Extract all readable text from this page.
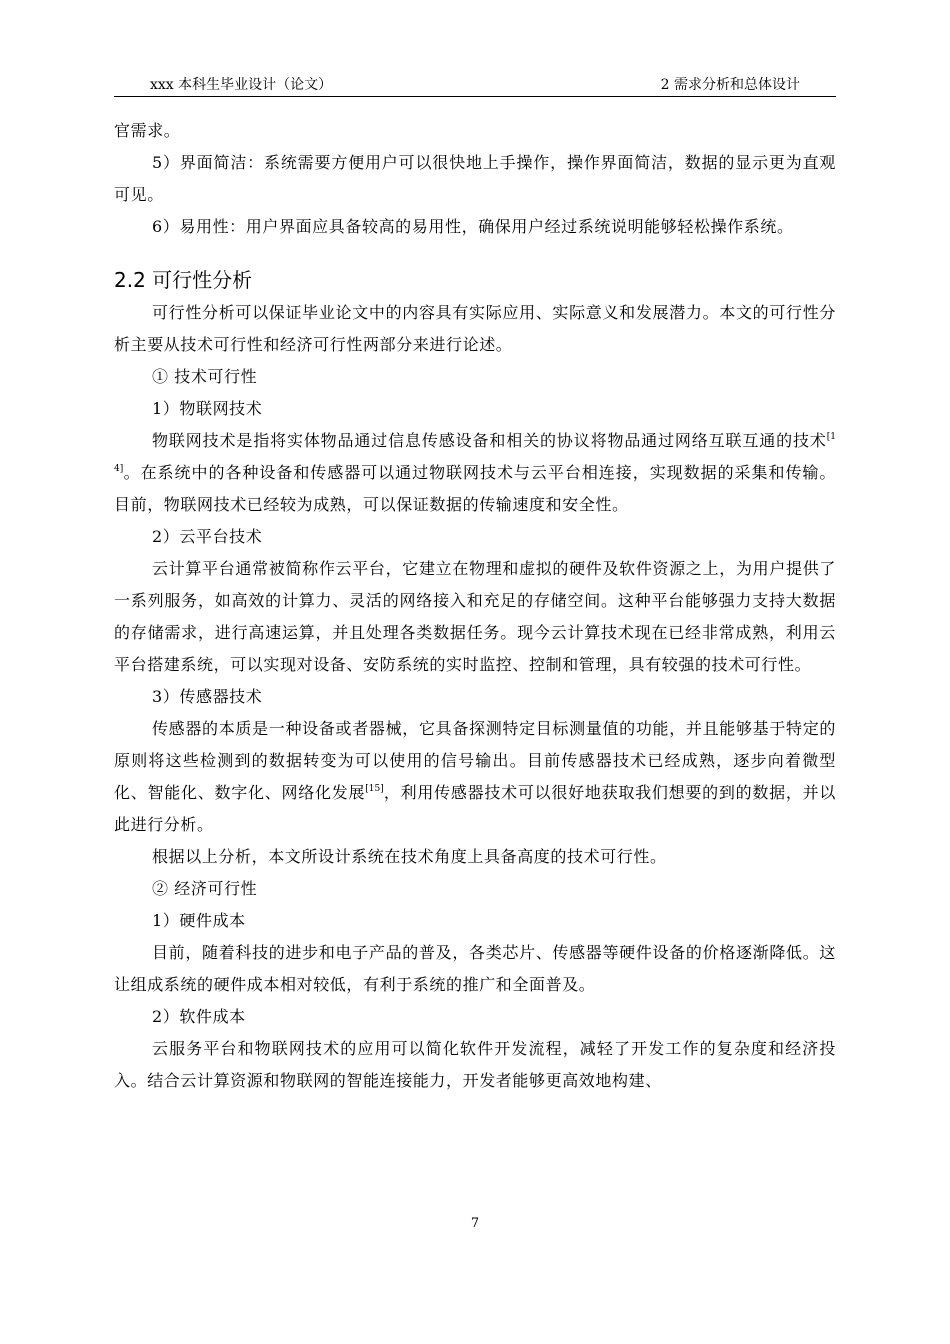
xxx 本科生毕业设计（论文）	2 需求分析和总体设计

官需求。

5）界面简洁：系统需要方便用户可以很快地上手操作，操作界面简洁，数据的显示更为直观可见。

6）易用性：用户界面应具备较高的易用性，确保用户经过系统说明能够轻松操作系统。

2.2 可行性分析

可行性分析可以保证毕业论文中的内容具有实际应用、实际意义和发展潜力。本文的可行性分析主要从技术可行性和经济可行性两部分来进行论述。

① 技术可行性

1）物联网技术

物联网技术是指将实体物品通过信息传感设备和相关的协议将物品通过网络互联互通的技术[14]。在系统中的各种设备和传感器可以通过物联网技术与云平台相连接，实现数据的采集和传输。目前，物联网技术已经较为成熟，可以保证数据的传输速度和安全性。

2）云平台技术

云计算平台通常被简称作云平台，它建立在物理和虚拟的硬件及软件资源之上，为用户提供了一系列服务，如高效的计算力、灵活的网络接入和充足的存储空间。这种平台能够强力支持大数据的存储需求，进行高速运算，并且处理各类数据任务。现今云计算技术现在已经非常成熟，利用云平台搭建系统，可以实现对设备、安防系统的实时监控、控制和管理，具有较强的技术可行性。

3）传感器技术

传感器的本质是一种设备或者器械，它具备探测特定目标测量值的功能，并且能够基于特定的原则将这些检测到的数据转变为可以使用的信号输出。目前传感器技术已经成熟，逐步向着微型化、智能化、数字化、网络化发展[15]，利用传感器技术可以很好地获取我们想要的到的数据，并以此进行分析。

根据以上分析，本文所设计系统在技术角度上具备高度的技术可行性。

② 经济可行性

1）硬件成本

目前，随着科技的进步和电子产品的普及，各类芯片、传感器等硬件设备的价格逐渐降低。这让组成系统的硬件成本相对较低，有利于系统的推广和全面普及。

2）软件成本

云服务平台和物联网技术的应用可以简化软件开发流程，减轻了开发工作的复杂度和经济投入。结合云计算资源和物联网的智能连接能力，开发者能够更高效地构建、

7
